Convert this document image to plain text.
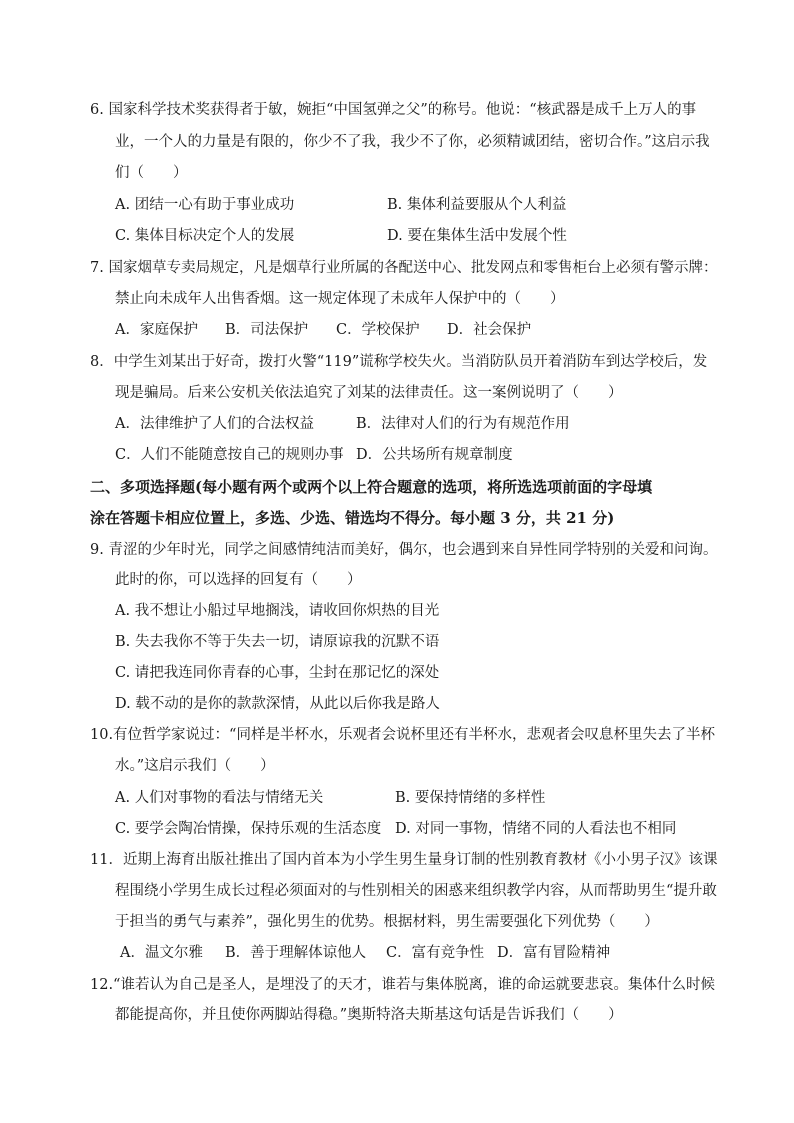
6. 国家科学技术奖获得者于敏，婉拒“中国氢弹之父”的称号。他说：“核武器是成千上万人的事
业，一个人的力量是有限的，你少不了我，我少不了你，必须精诚团结，密切合作。”这启示我
们（　　）
A. 团结一心有助于事业成功	B. 集体利益要服从个人利益
C. 集体目标决定个人的发展	D. 要在集体生活中发展个性
7. 国家烟草专卖局规定，凡是烟草行业所属的各配送中心、批发网点和零售柜台上必须有警示牌：
禁止向未成年人出售香烟。这一规定体现了未成年人保护中的（　　）
A．家庭保护 B．司法保护 C．学校保护 D．社会保护
8．中学生刘某出于好奇，拨打火警“119”谎称学校失火。当消防队员开着消防车到达学校后，发
现是骗局。后来公安机关依法追究了刘某的法律责任。这一案例说明了（　　）
A．法律维护了人们的合法权益	B．法律对人们的行为有规范作用
C．人们不能随意按自己的规则办事 D．公共场所有规章制度
二、多项选择题(每小题有两个或两个以上符合题意的选项，将所选选项前面的字母填
涂在答题卡相应位置上，多选、少选、错选均不得分。每小题 3 分，共 21 分)
9. 青涩的少年时光，同学之间感情纯洁而美好，偶尔，也会遇到来自异性同学特别的关爱和问询。
此时的你，可以选择的回复有（　　）
A. 我不想让小船过早地搁浅，请收回你炽热的目光
B. 失去我你不等于失去一切，请原谅我的沉默不语
C. 请把我连同你青春的心事，尘封在那记忆的深处
D. 载不动的是你的款款深情，从此以后你我是路人
10.有位哲学家说过：“同样是半杯水，乐观者会说杯里还有半杯水，悲观者会叹息杯里失去了半杯
水。”这启示我们（　　）
A. 人们对事物的看法与情绪无关	B. 要保持情绪的多样性
C. 要学会陶冶情操，保持乐观的生活态度 D. 对同一事物，情绪不同的人看法也不相同
11．近期上海育出版社推出了国内首本为小学生男生量身订制的性别教育教材《小小男子汉》该课
程围绕小学男生成长过程必须面对的与性别相关的困惑来组织教学内容，从而帮助男生“提升敢
于担当的勇气与素养”，强化男生的优势。根据材料，男生需要强化下列优势（　　）
A．温文尔雅 B．善于理解体谅他人 C．富有竞争性 D．富有冒险精神
12.“谁若认为自己是圣人，是埋没了的天才，谁若与集体脱离，谁的命运就要悲哀。集体什么时候
都能提高你，并且使你两脚站得稳。”奥斯特洛夫斯基这句话是告诉我们（　　）
